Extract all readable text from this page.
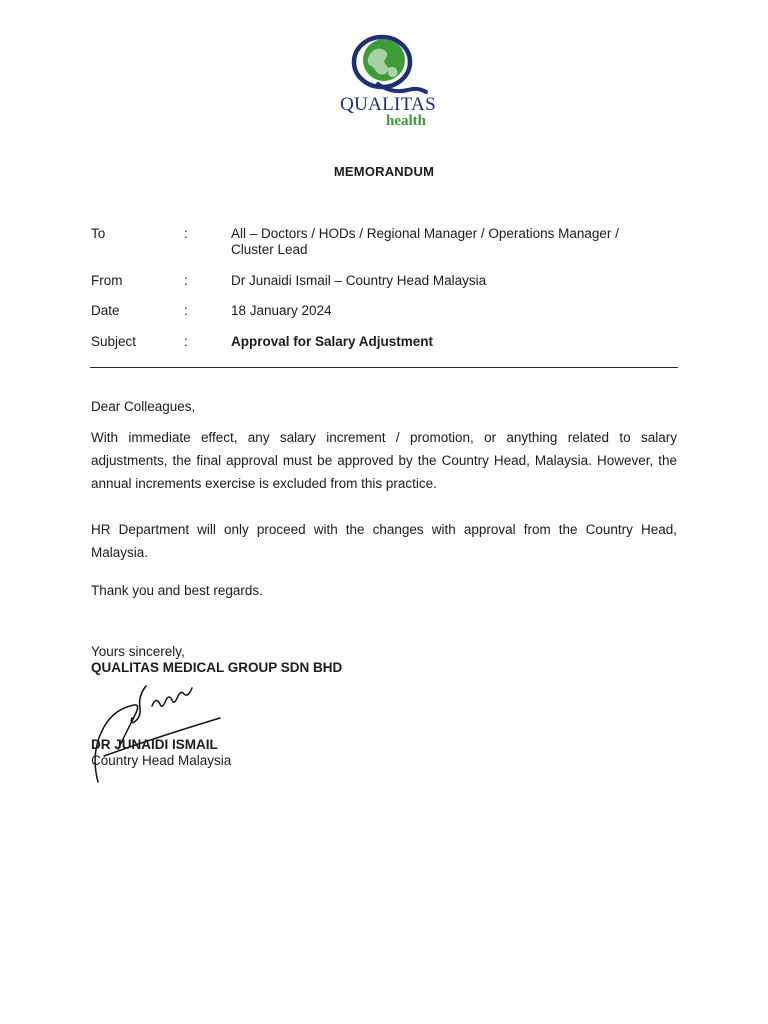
QUALITAS
health
MEMORANDUM
To	:	All – Doctors / HODs / Regional Manager / Operations Manager / Cluster Lead
From	:	Dr Junaidi Ismail – Country Head Malaysia
Date	:	18 January 2024
Subject	:	Approval for Salary Adjustment
Dear Colleagues,
With immediate effect, any salary increment / promotion, or anything related to salary adjustments, the final approval must be approved by the Country Head, Malaysia. However, the annual increments exercise is excluded from this practice.
HR Department will only proceed with the changes with approval from the Country Head, Malaysia.
Thank you and best regards.
Yours sincerely,
QUALITAS MEDICAL GROUP SDN BHD
DR JUNAIDI ISMAIL
Country Head Malaysia
